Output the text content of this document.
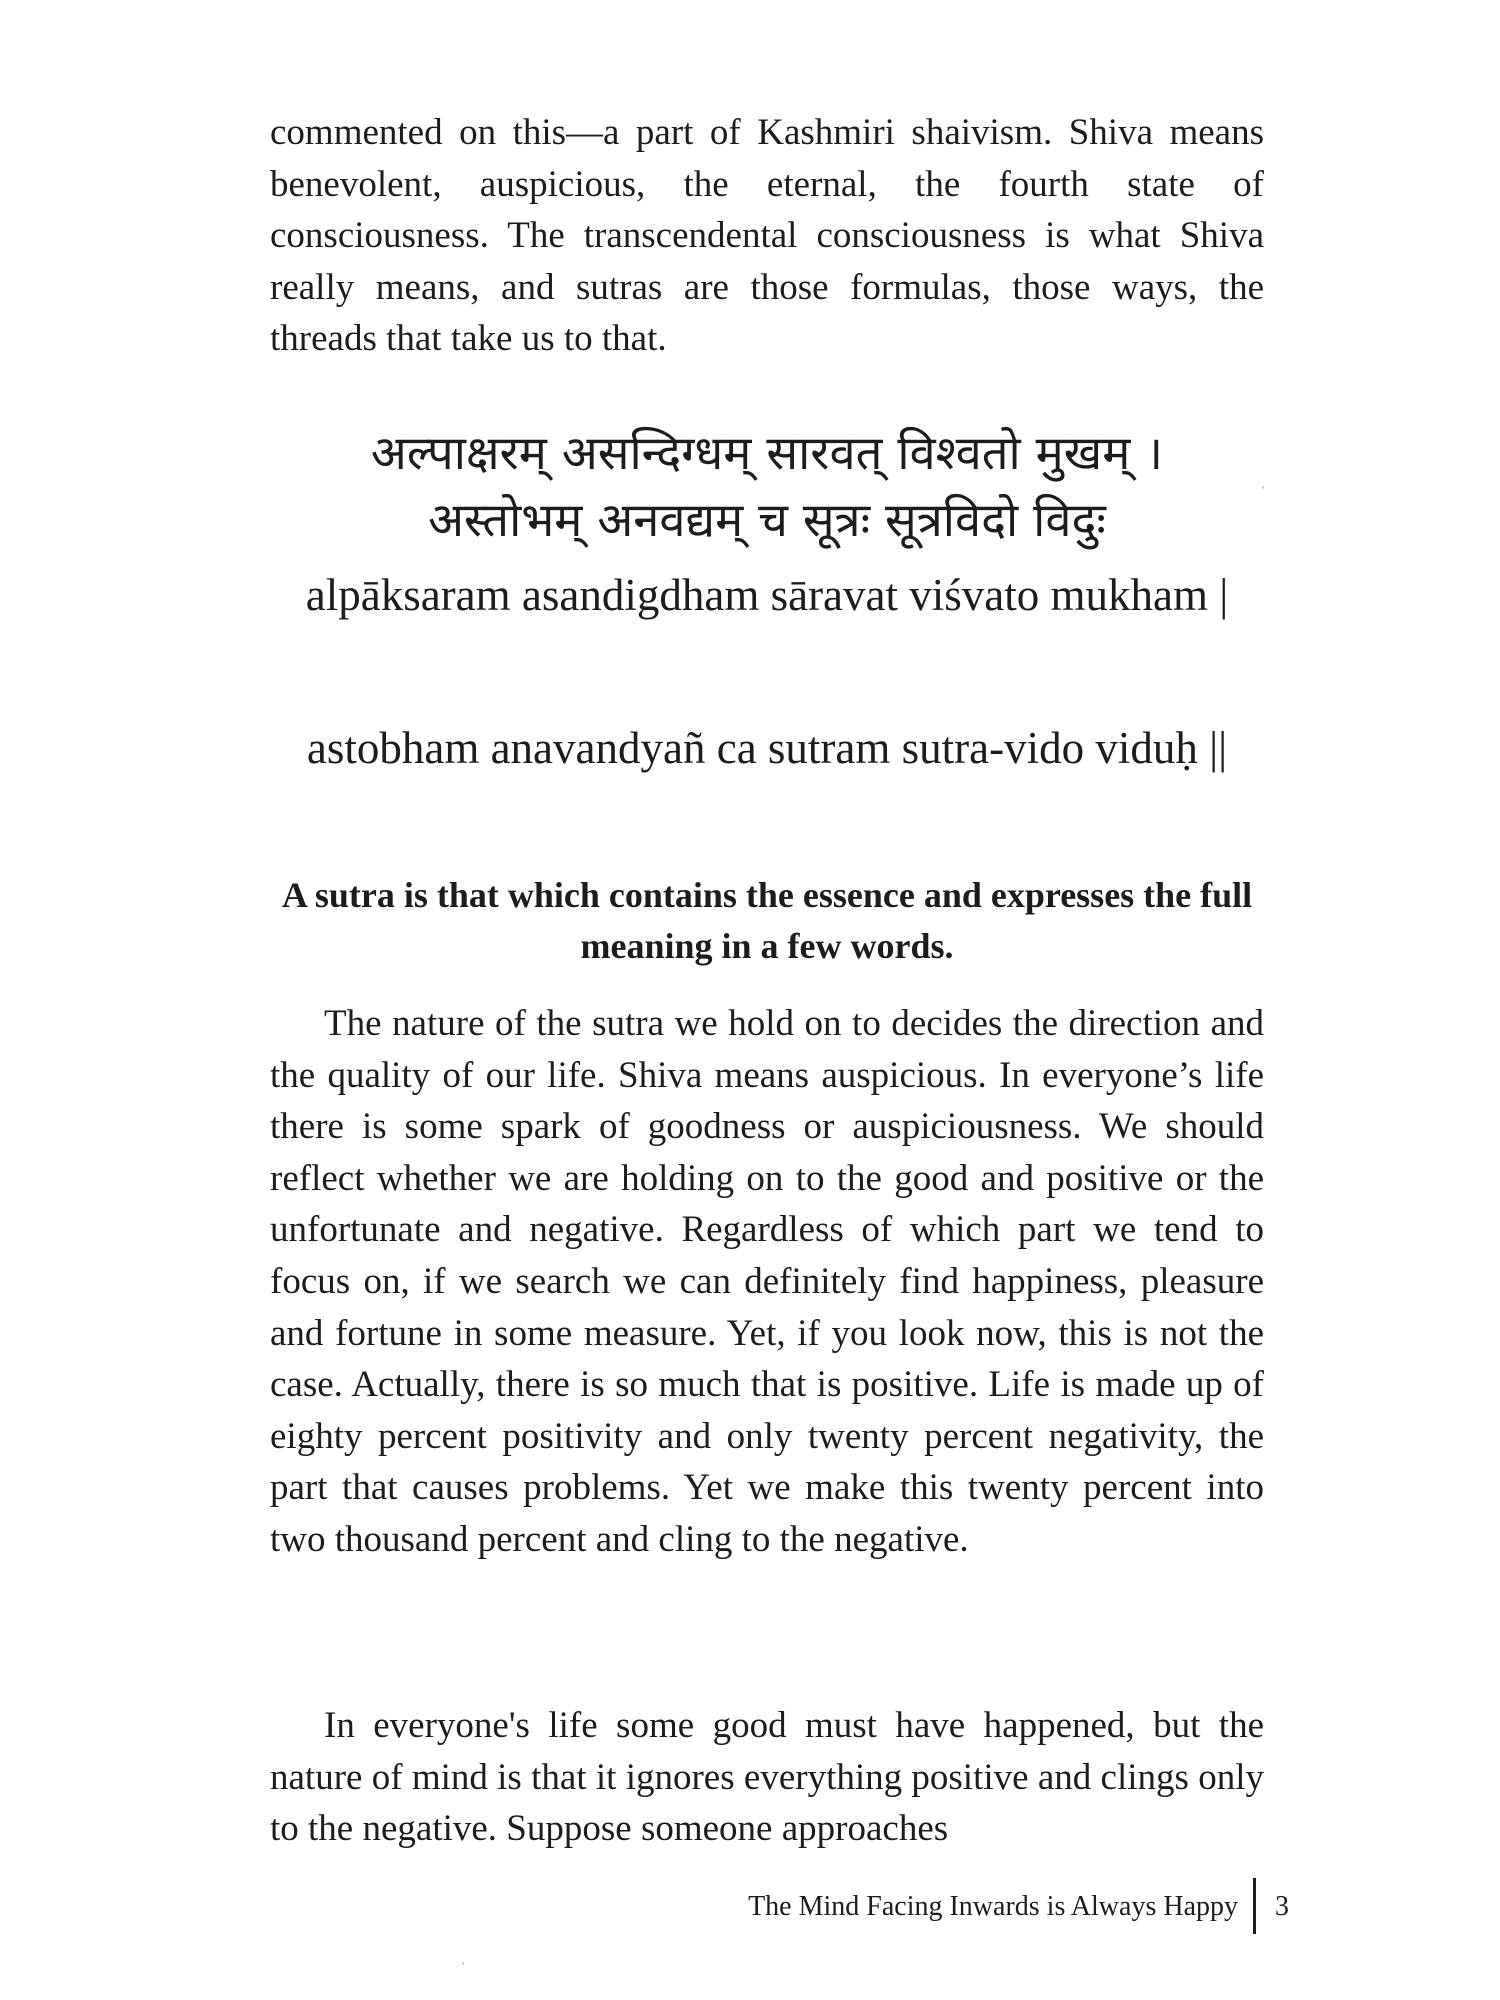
commented on this—a part of Kashmiri shaivism. Shiva means benevolent, auspicious, the eternal, the fourth state of consciousness. The transcendental consciousness is what Shiva really means, and sutras are those formulas, those ways, the threads that take us to that.

अल्पाक्षरम् असन्दिग्धम् सारवत् विश्वतो मुखम् ।
अस्तोभम् अनवद्यम् च सूत्रः सूत्रविदो विदुः
alpāksaram asandigdham sāravat viśvato mukham |
astobham anavandyañ ca sutram sutra-vido viduḥ ||
A sutra is that which contains the essence and expresses the full meaning in a few words.

The nature of the sutra we hold on to decides the direction and the quality of our life. Shiva means auspicious. In everyone’s life there is some spark of goodness or auspiciousness. We should reflect whether we are holding on to the good and positive or the unfortunate and negative. Regardless of which part we tend to focus on, if we search we can definitely find happiness, pleasure and fortune in some measure. Yet, if you look now, this is not the case. Actually, there is so much that is positive. Life is made up of eighty percent positivity and only twenty percent negativity, the part that causes problems. Yet we make this twenty percent into two thousand percent and cling to the negative.

In everyone's life some good must have happened, but the nature of mind is that it ignores everything positive and clings only to the negative. Suppose someone approaches

The Mind Facing Inwards is Always Happy 3
